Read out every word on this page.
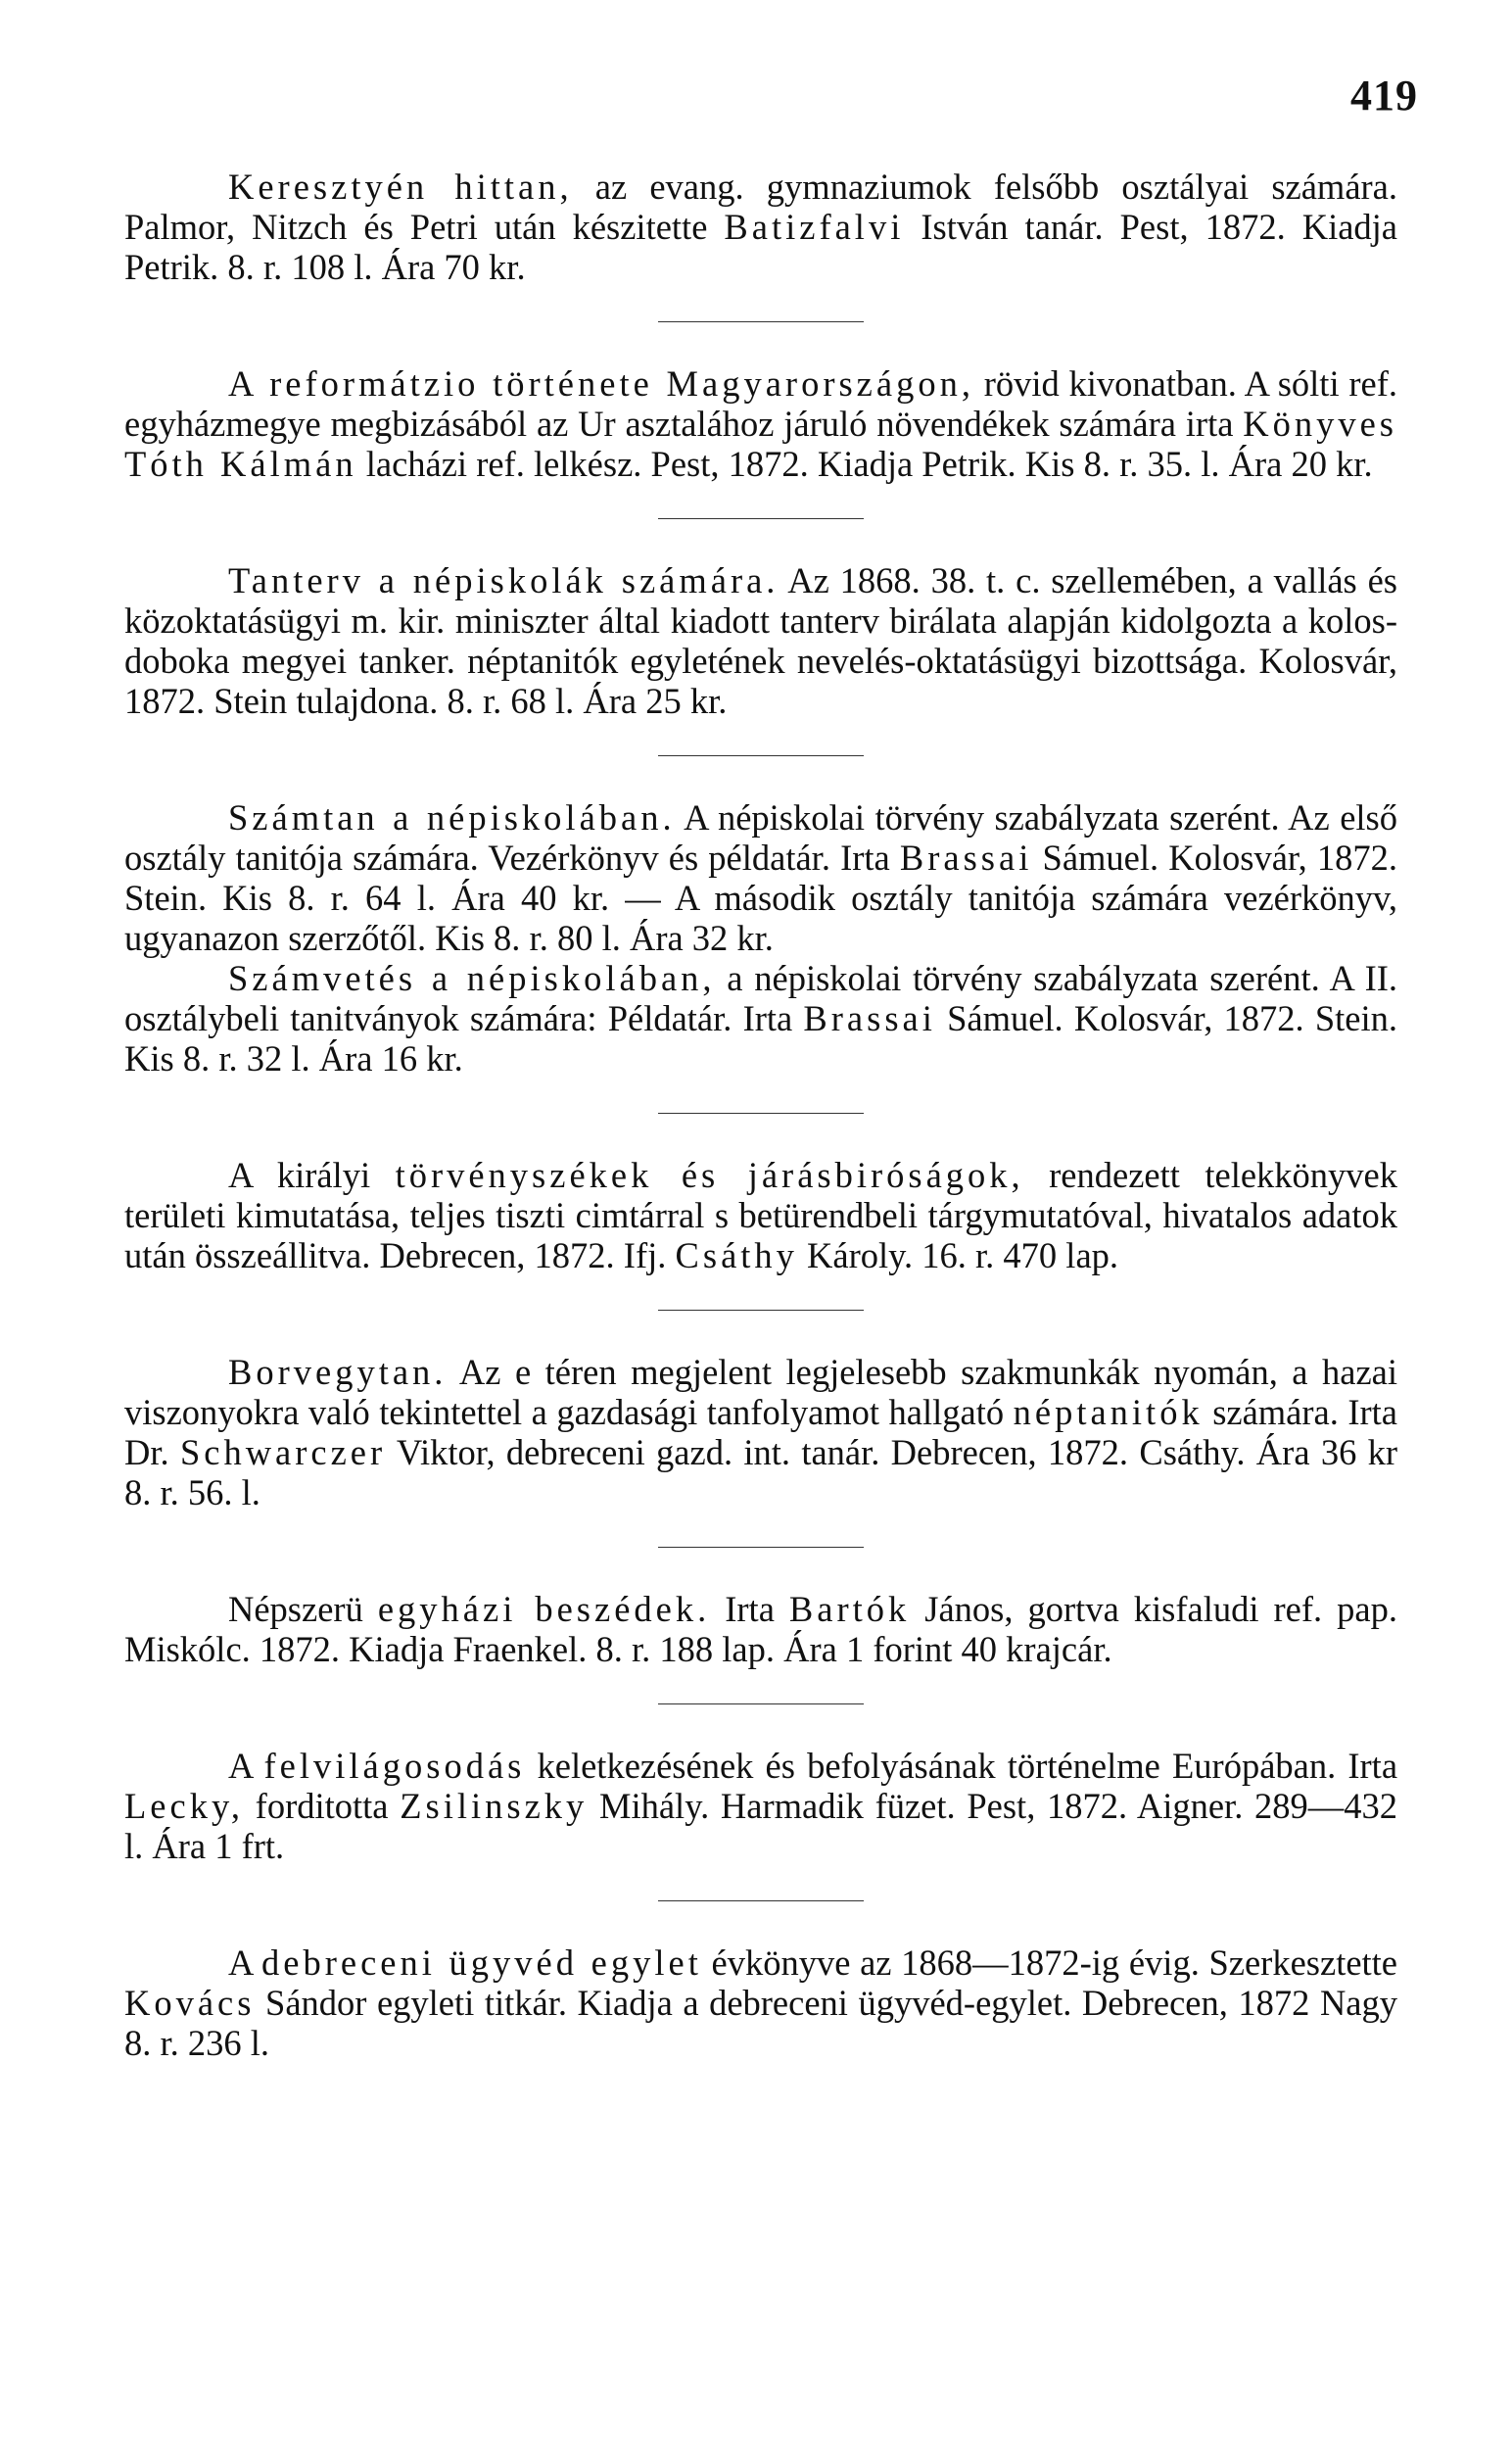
419
Keresztyén hittan, az evang. gymnaziumok felsőbb osztályai számára. Palmor, Nitzch és Petri után készitette Batizfalvi István tanár. Pest, 1872. Kiadja Petrik. 8. r. 108 l. Ára 70 kr.
A reformátzio története Magyarországon, rövid kivonatban. A sólti ref. egyházmegye megbizásából az Ur asztalához járuló növendékek számára irta Könyves Tóth Kálmán lacházi ref. lelkész. Pest, 1872. Kiadja Petrik. Kis 8. r. 35. l. Ára 20 kr.
Tanterv a népiskolák számára. Az 1868. 38. t. c. szellemében, a vallás és közoktatásügyi m. kir. miniszter által kiadott tanterv birálata alapján kidolgozta a kolos-doboka megyei tanker. néptanitók egyletének nevelés-oktatásügyi bizottsága. Kolosvár, 1872. Stein tulajdona. 8. r. 68 l. Ára 25 kr.
Számtan a népiskolában. A népiskolai törvény szabályzata szerént. Az első osztály tanitója számára. Vezérkönyv és példatár. Irta Brassai Sámuel. Kolosvár, 1872. Stein. Kis 8. r. 64 l. Ára 40 kr. — A második osztály tanitója számára vezérkönyv, ugyanazon szerzőtől. Kis 8. r. 80 l. Ára 32 kr.
Számvetés a népiskolában, a népiskolai törvény szabályzata szerént. A II. osztálybeli tanitványok számára: Példatár. Irta Brassai Sámuel. Kolosvár, 1872. Stein. Kis 8. r. 32 l. Ára 16 kr.
A királyi törvényszékek és járásbiróságok, rendezett telekkönyvek területi kimutatása, teljes tiszti cimtárral s betürendbeli tárgymutatóval, hivatalos adatok után összeállitva. Debrecen, 1872. Ifj. Csáthy Károly. 16. r. 470 lap.
Borvegytan. Az e téren megjelent legjelesebb szakmunkák nyomán, a hazai viszonyokra való tekintettel a gazdasági tanfolyamot hallgató néptanitók számára. Irta Dr. Schwarczer Viktor, debreceni gazd. int. tanár. Debrecen, 1872. Csáthy. Ára 36 kr 8. r. 56. l.
Népszerü egyházi beszédek. Irta Bartók János, gortva kisfaludi ref. pap. Miskólc. 1872. Kiadja Fraenkel. 8. r. 188 lap. Ára 1 forint 40 krajcár.
A felvilágosodás keletkezésének és befolyásának történelme Európában. Irta Lecky, forditotta Zsilinszky Mihály. Harmadik füzet. Pest, 1872. Aigner. 289—432 l. Ára 1 frt.
A debreceni ügyvéd egylet évkönyve az 1868—1872-ig évig. Szerkesztette Kovács Sándor egyleti titkár. Kiadja a debreceni ügyvéd-egylet. Debrecen, 1872 Nagy 8. r. 236 l.
